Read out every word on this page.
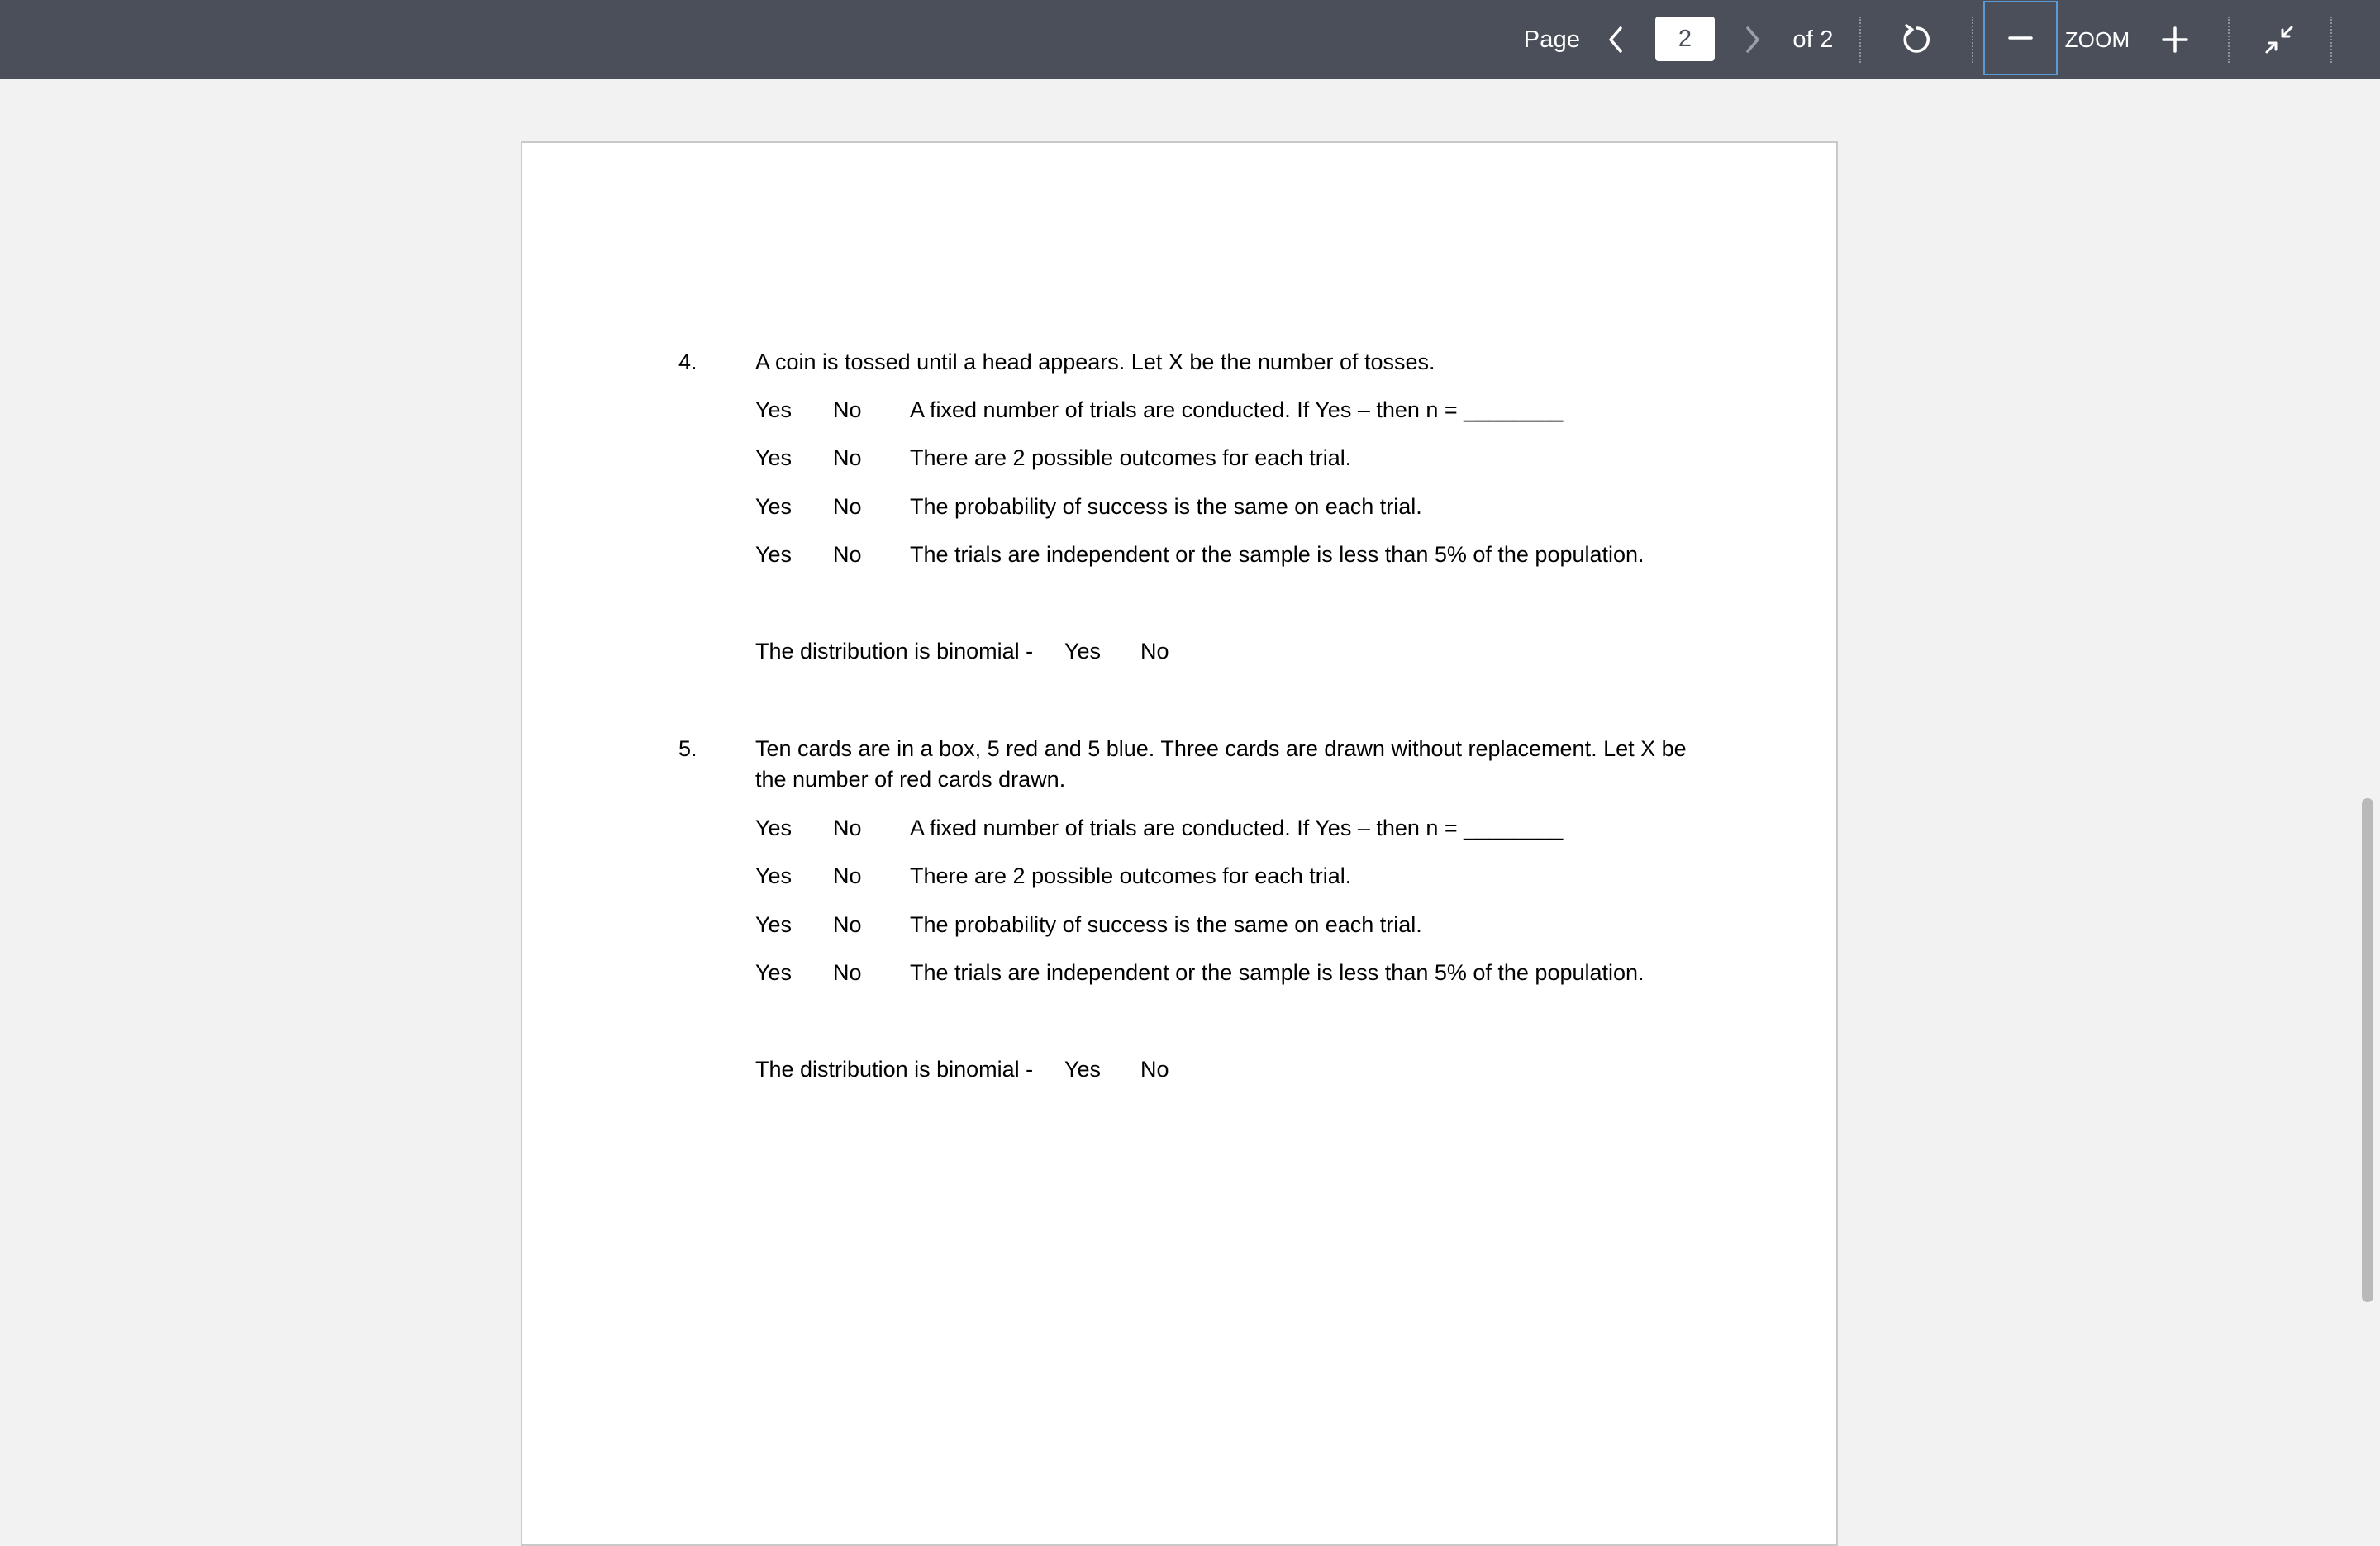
Page	2	of 2	ZOOM
4.	A coin is tossed until a head appears. Let X be the number of tosses.
Yes No A fixed number of trials are conducted. If Yes – then n = ________
Yes No There are 2 possible outcomes for each trial.
Yes No The probability of success is the same on each trial.
Yes No The trials are independent or the sample is less than 5% of the population.
The distribution is binomial - Yes No
5.	Ten cards are in a box, 5 red and 5 blue. Three cards are drawn without replacement. Let X be
the number of red cards drawn.
Yes No A fixed number of trials are conducted. If Yes – then n = ________
Yes No There are 2 possible outcomes for each trial.
Yes No The probability of success is the same on each trial.
Yes No The trials are independent or the sample is less than 5% of the population.
The distribution is binomial - Yes No
